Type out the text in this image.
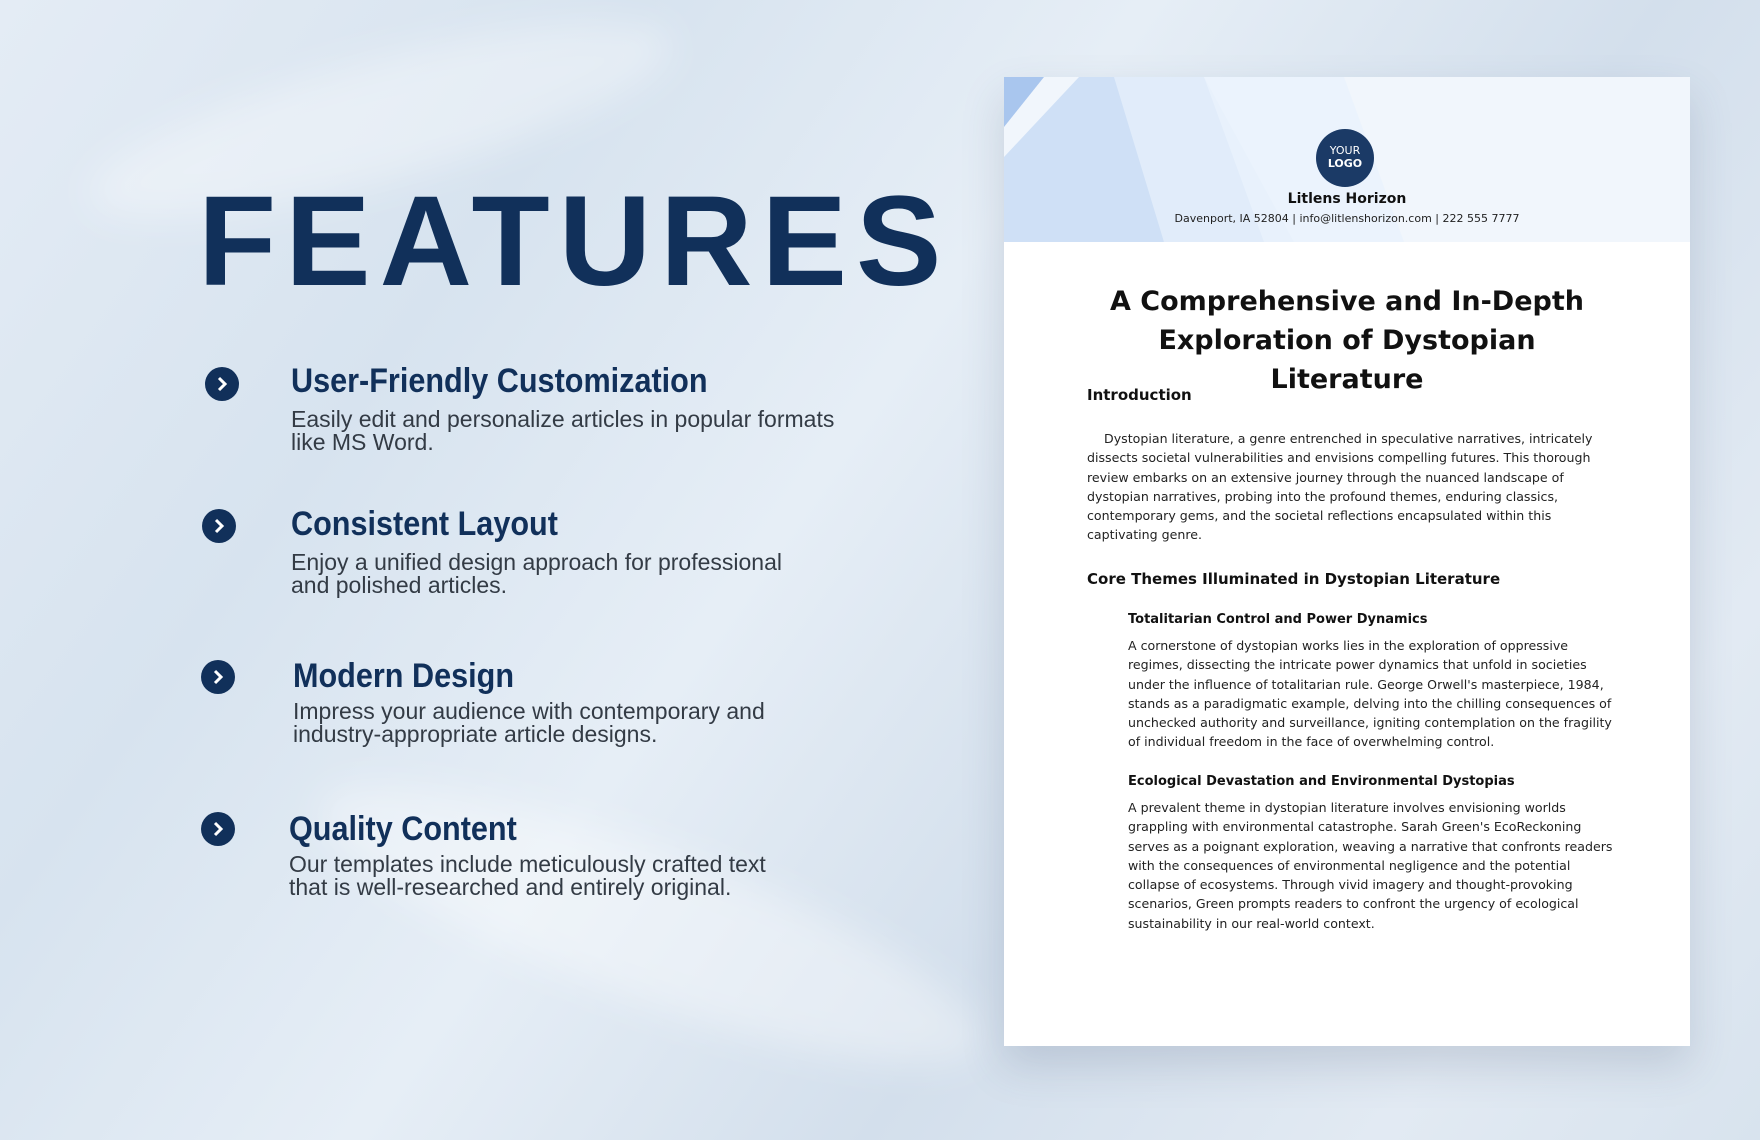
FEATURES
User-Friendly Customization
Easily edit and personalize articles in popular formats like MS Word.
Consistent Layout
Enjoy a unified design approach for professional and polished articles.
Modern Design
Impress your audience with contemporary and industry-appropriate article designs.
Quality Content
Our templates include meticulously crafted text that is well-researched and entirely original.
YOUR
LOGO
Litlens Horizon
Davenport, IA 52804 | info@litlenshorizon.com | 222 555 7777
A Comprehensive and In-Depth Exploration of Dystopian Literature
Introduction
Dystopian literature, a genre entrenched in speculative narratives, intricately dissects societal vulnerabilities and envisions compelling futures. This thorough review embarks on an extensive journey through the nuanced landscape of dystopian narratives, probing into the profound themes, enduring classics, contemporary gems, and the societal reflections encapsulated within this captivating genre.
Core Themes Illuminated in Dystopian Literature
Totalitarian Control and Power Dynamics
A cornerstone of dystopian works lies in the exploration of oppressive regimes, dissecting the intricate power dynamics that unfold in societies under the influence of totalitarian rule. George Orwell's masterpiece, 1984, stands as a paradigmatic example, delving into the chilling consequences of unchecked authority and surveillance, igniting contemplation on the fragility of individual freedom in the face of overwhelming control.
Ecological Devastation and Environmental Dystopias
A prevalent theme in dystopian literature involves envisioning worlds grappling with environmental catastrophe. Sarah Green's EcoReckoning serves as a poignant exploration, weaving a narrative that confronts readers with the consequences of environmental negligence and the potential collapse of ecosystems. Through vivid imagery and thought-provoking scenarios, Green prompts readers to confront the urgency of ecological sustainability in our real-world context.
